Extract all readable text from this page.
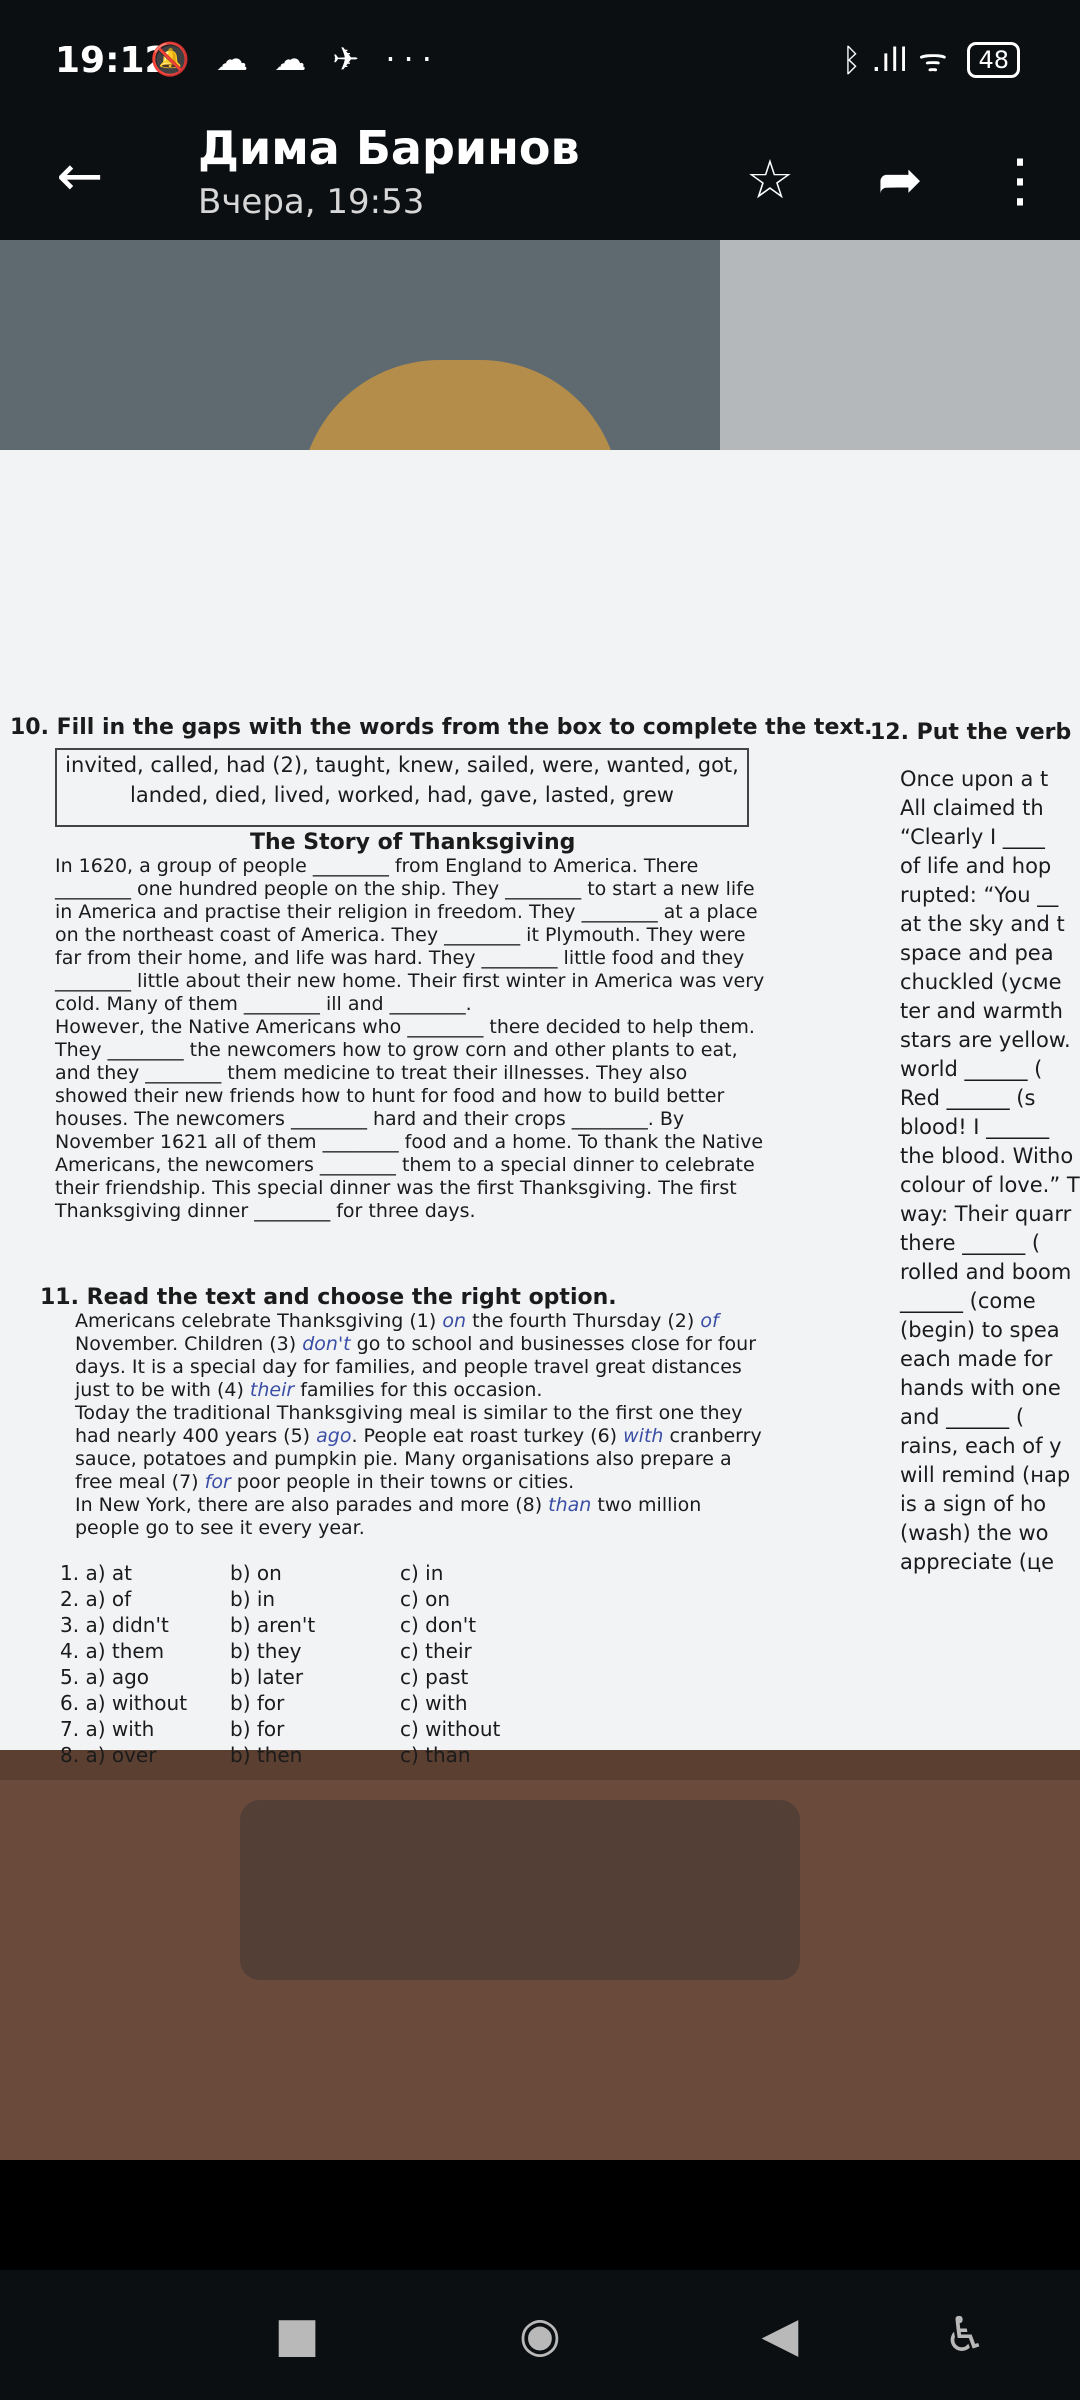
19:12
🔕 ☁ ☁ ✈ ···	ᛒ .ıll ᯤ	48
← Дима Баринов
Вчера, 19:53	☆	➦ ⋮
10. Fill in the gaps with the words from the box to complete the text.
invited, called, had (2), taught, knew, sailed, were, wanted, got, landed, died, lived, worked, had, gave, lasted, grew
The Story of Thanksgiving
In 1620, a group of people ________ from England to America. There ________ one hundred people on the ship. They ________ to start a new life in America and practise their religion in freedom. They ________ at a place on the northeast coast of America. They ________ it Plymouth. They were far from their home, and life was hard. They ________ little food and they ________ little about their new home. Their first winter in America was very cold. Many of them ________ ill and ________.
However, the Native Americans who ________ there decided to help them. They ________ the newcomers how to grow corn and other plants to eat, and they ________ them medicine to treat their illnesses. They also showed their new friends how to hunt for food and how to build better houses. The newcomers ________ hard and their crops ________. By November 1621 all of them ________ food and a home. To thank the Native Americans, the newcomers ________ them to a special dinner to celebrate their friendship. This special dinner was the first Thanksgiving. The first Thanksgiving dinner ________ for three days.
11. Read the text and choose the right option.
Americans celebrate Thanksgiving (1) on the fourth Thursday (2) of November. Children (3) don't go to school and businesses close for four days. It is a special day for families, and people travel great distances just to be with (4) their families for this occasion.
Today the traditional Thanksgiving meal is similar to the first one they had nearly 400 years (5) ago. People eat roast turkey (6) with cranberry sauce, potatoes and pumpkin pie. Many organisations also prepare a free meal (7) for poor people in their towns or cities.
In New York, there are also parades and more (8) than two million people go to see it every year.
1. a) at	b) on	c) in
2. a) of	b) in	c) on
3. a) didn't	b) aren't	c) don't
4. a) them	b) they	c) their
5. a) ago	b) later	c) past
6. a) without	b) for	c) with
7. a) with	b) for	c) without
8. a) over	b) then	c) than
12. Put the verb
Once upon a t
All claimed th
“Clearly I ____
of life and hop
rupted: “You __
at the sky and t
space and pea
chuckled (усме
ter and warmth
stars are yellow.
world ______ (
Red ______ (s
blood! I ______
the blood. Witho
colour of love.” T
way: Their quarr
there ______ (
rolled and boom
______ (come
(begin) to spea
each made for
hands with one
and ______ (
rains, each of y
will remind (нар
is a sign of ho
(wash) the wo
appreciate (це
■	◉	◀	♿
